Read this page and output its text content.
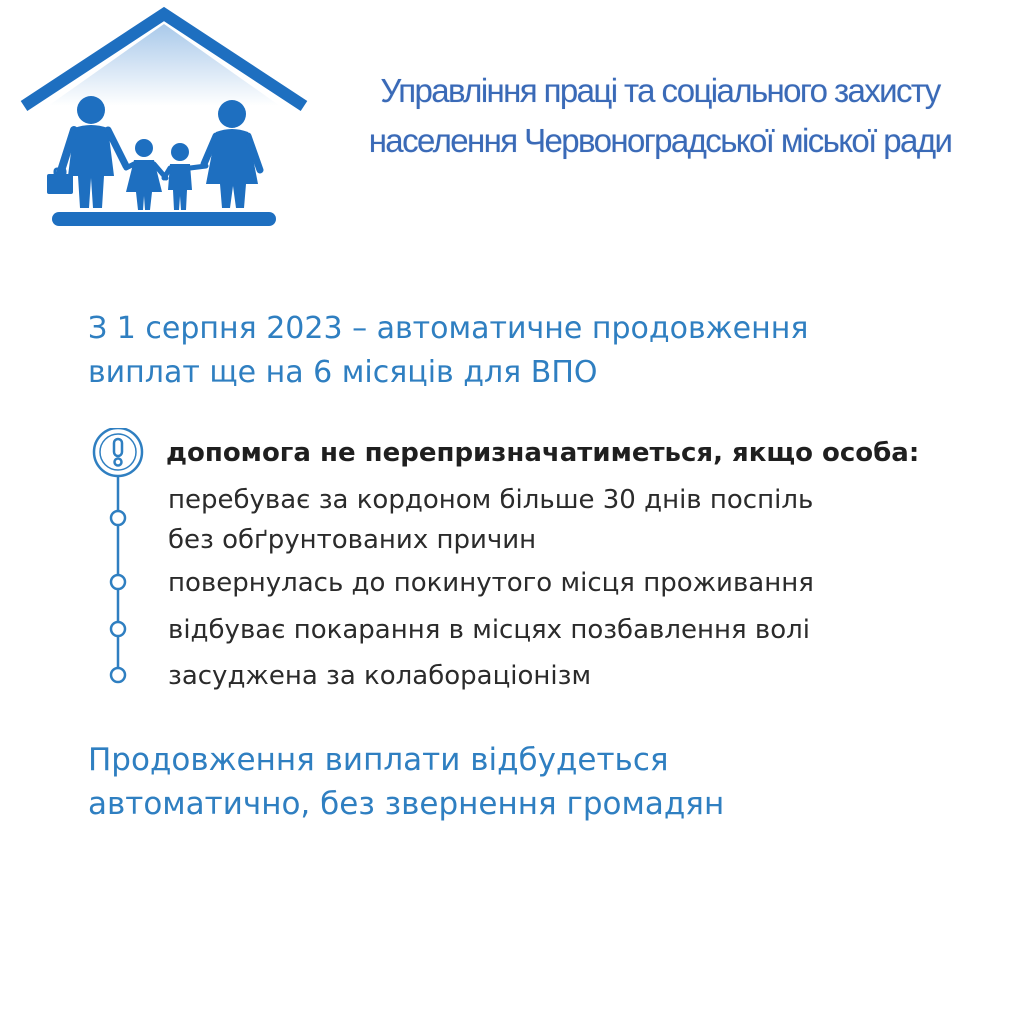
Управління праці та соціального захисту
населення Червоноградської міської ради
З 1 серпня 2023 – автоматичне продовження
виплат ще на 6 місяців для ВПО
допомога не перепризначатиметься, якщо особа:
перебуває за кордоном більше 30 днів поспіль
без обґрунтованих причин
повернулась до покинутого місця проживання
відбуває покарання в місцях позбавлення волі
засуджена за колабораціонізм
Продовження виплати відбудеться
автоматично, без звернення громадян
